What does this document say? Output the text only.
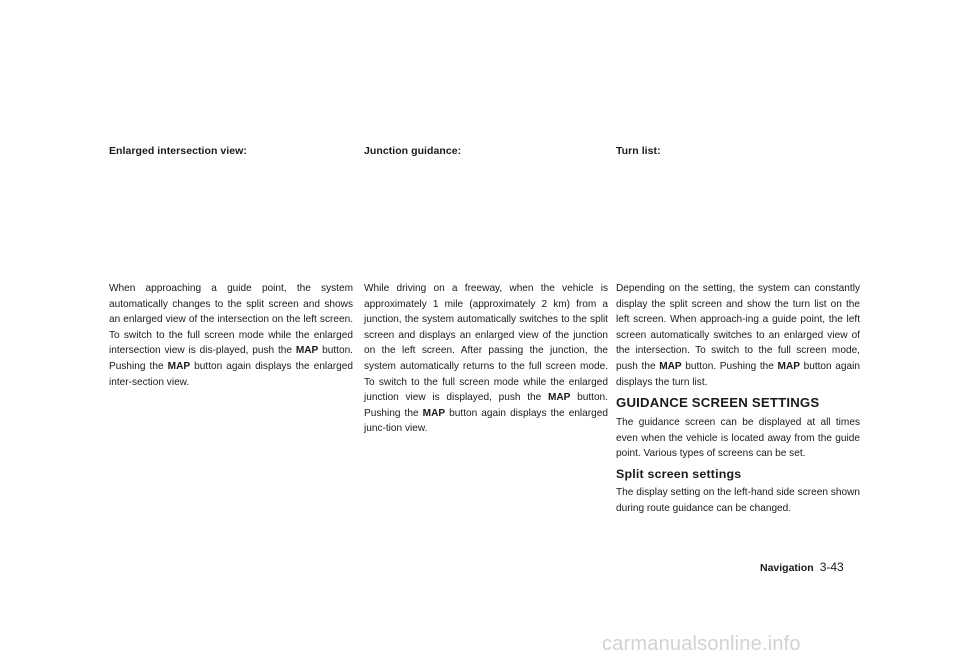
Enlarged intersection view:

When approaching a guide point, the system automatically changes to the split screen and shows an enlarged view of the intersection on the left screen. To switch to the full screen mode while the enlarged intersection view is dis-played, push the MAP button. Pushing the MAP button again displays the enlarged inter-section view.

Junction guidance:

While driving on a freeway, when the vehicle is approximately 1 mile (approximately 2 km) from a junction, the system automatically switches to the split screen and displays an enlarged view of the junction on the left screen. After passing the junction, the system automatically returns to the full screen mode. To switch to the full screen mode while the enlarged junction view is displayed, push the MAP button. Pushing the MAP button again displays the enlarged junc-tion view.

Turn list:

Depending on the setting, the system can constantly display the split screen and show the turn list on the left screen. When approach-ing a guide point, the left screen automatically switches to an enlarged view of the intersection. To switch to the full screen mode, push the MAP button. Pushing the MAP button again displays the turn list.

GUIDANCE SCREEN SETTINGS

The guidance screen can be displayed at all times even when the vehicle is located away from the guide point. Various types of screens can be set.

Split screen settings

The display setting on the left-hand side screen shown during route guidance can be changed.

Navigation 3-43
carmanualsonline.info
